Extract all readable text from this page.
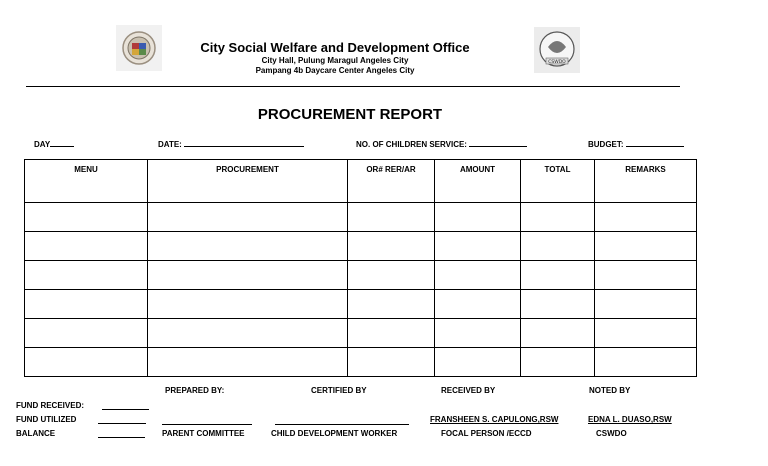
CSWDO
City Social Welfare and Development Office
City Hall, Pulung Maragul Angeles City
Pampang 4b Daycare Center Angeles City
PROCUREMENT REPORT
DAY	DATE:	NO. OF CHILDREN SERVICE:	BUDGET:
MENU	PROCUREMENT	OR# RER/AR	AMOUNT	TOTAL	REMARKS

FUND RECEIVED:
FUND UTILIZED
BALANCE
PREPARED BY:
PARENT COMMITTEE
CERTIFIED BY
CHILD DEVELOPMENT WORKER
RECEIVED BY
FRANSHEEN S. CAPULONG,RSW
FOCAL PERSON /ECCD
NOTED BY
EDNA L. DUASO,RSW
CSWDO
